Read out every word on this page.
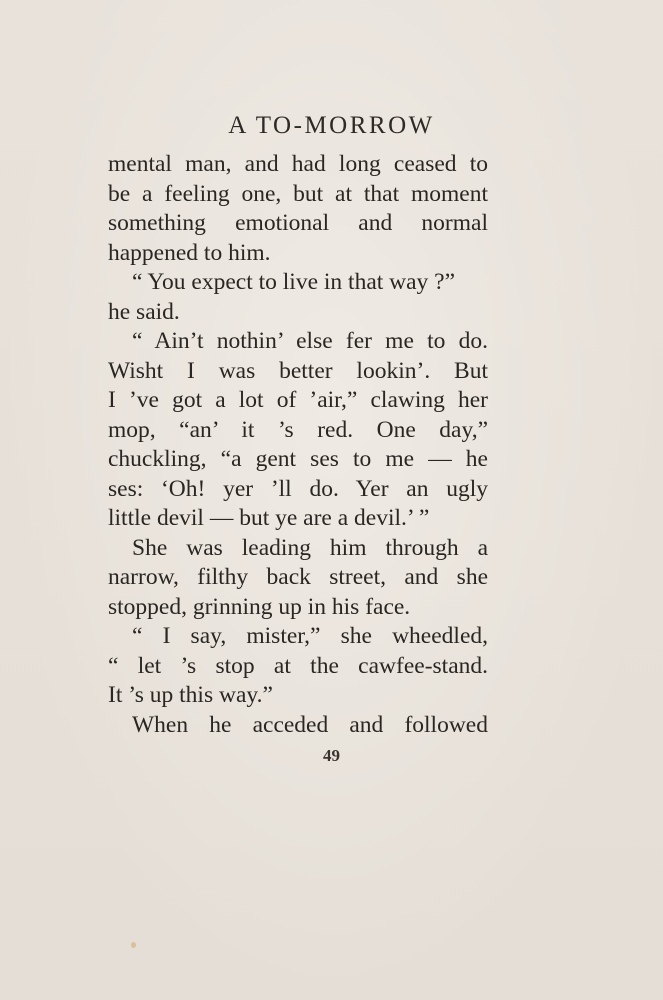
A TO-MORROW
mental man, and had long ceased to
be a feeling one, but at that moment
something emotional and normal
happened to him.
“ You expect to live in that way ?”
he said.
“ Ain’t nothin’ else fer me to do.
Wisht I was better lookin’. But
I ’ve got a lot of ’air,” clawing her
mop, “an’ it ’s red. One day,”
chuckling, “a gent ses to me — he
ses: ‘Oh! yer ’ll do. Yer an ugly
little devil — but ye are a devil.’ ”
She was leading him through a
narrow, filthy back street, and she
stopped, grinning up in his face.
“ I say, mister,” she wheedled,
“ let ’s stop at the cawfee-stand.
It ’s up this way.”
When he acceded and followed
49
